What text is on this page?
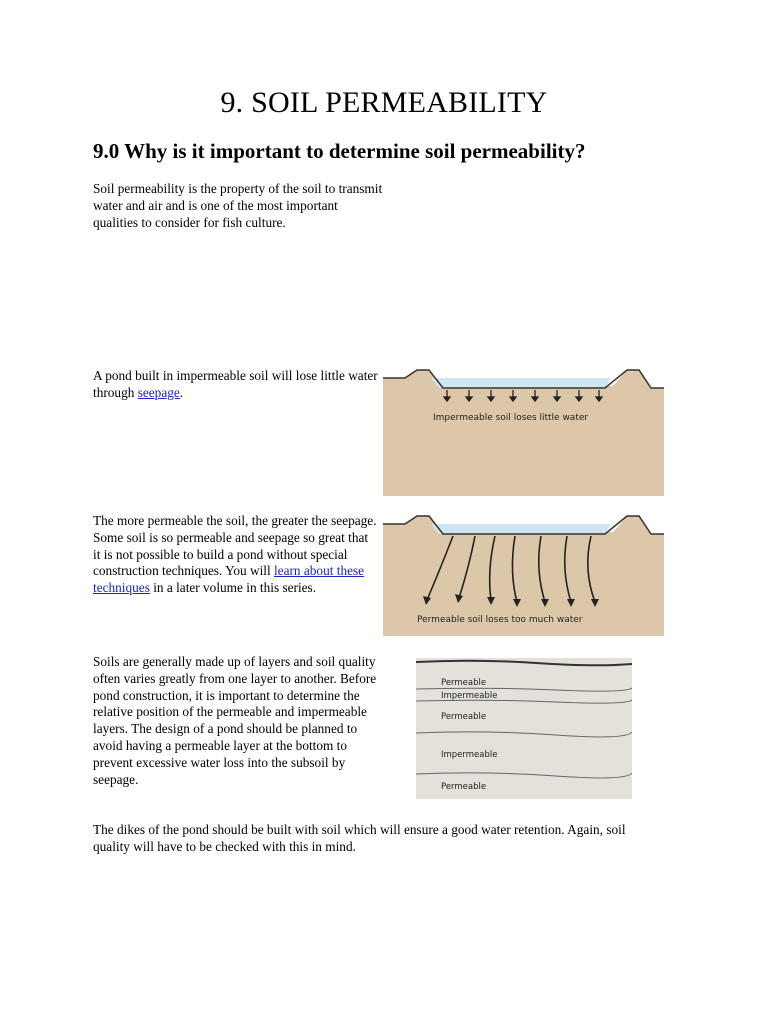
9. SOIL PERMEABILITY
9.0 Why is it important to determine soil permeability?

Soil permeability is the property of the soil to transmit water and air and is one of the most important qualities to consider for fish culture.

A pond built in impermeable soil will lose little water through seepage.

The more permeable the soil, the greater the seepage. Some soil is so permeable and seepage so great that it is not possible to build a pond without special construction techniques. You will learn about these techniques in a later volume in this series.

Soils are generally made up of layers and soil quality often varies greatly from one layer to another. Before pond construction, it is important to determine the relative position of the permeable and impermeable layers. The design of a pond should be planned to avoid having a permeable layer at the bottom to prevent excessive water loss into the subsoil by seepage.

The dikes of the pond should be built with soil which will ensure a good water retention. Again, soil quality will have to be checked with this in mind.

Impermeable soil loses little water
Permeable soil loses too much water
Permeable
Impermeable
Permeable
Impermeable
Permeable
